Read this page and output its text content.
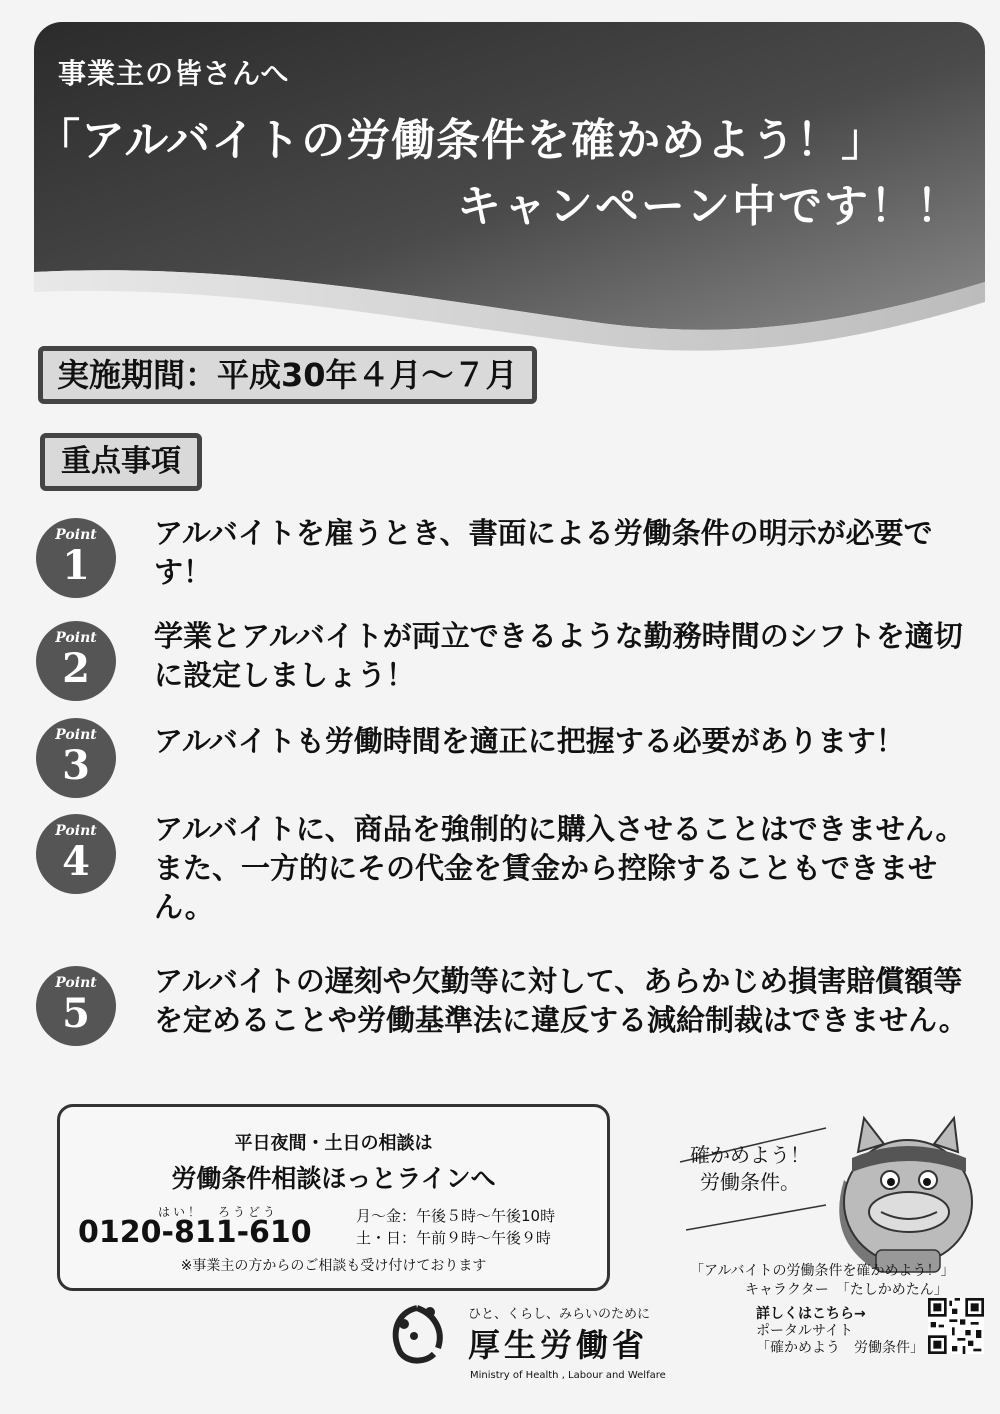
事業主の皆さんへ
「アルバイトの労働条件を確かめよう！」
キャンペーン中です！！
実施期間：平成30年４月～７月
重点事項
Point
1
アルバイトを雇うとき、書面による労働条件の明示が必要です！
Point
2
学業とアルバイトが両立できるような勤務時間のシフトを適切に設定しましょう！
Point
3
アルバイトも労働時間を適正に把握する必要があります！
Point
4
アルバイトに、商品を強制的に購入させることはできません。また、一方的にその代金を賃金から控除することもできません。
Point
5
アルバイトの遅刻や欠勤等に対して、あらかじめ損害賠償額等を定めることや労働基準法に違反する減給制裁はできません。
平日夜間・土日の相談は
労働条件相談ほっとラインへ
はい！　ろうどう
0120-811-610	月～金：午後５時～午後10時
土・日：午前９時～午後９時
※事業主の方からのご相談も受け付けております
確かめよう！
労働条件。
「アルバイトの労働条件を確かめよう！」
キャラクター　「たしかめたん」
詳しくはこちら→
ポータルサイト
「確かめよう　労働条件」
ひと、くらし、みらいのために
厚生労働省
Ministry of Health , Labour and Welfare
